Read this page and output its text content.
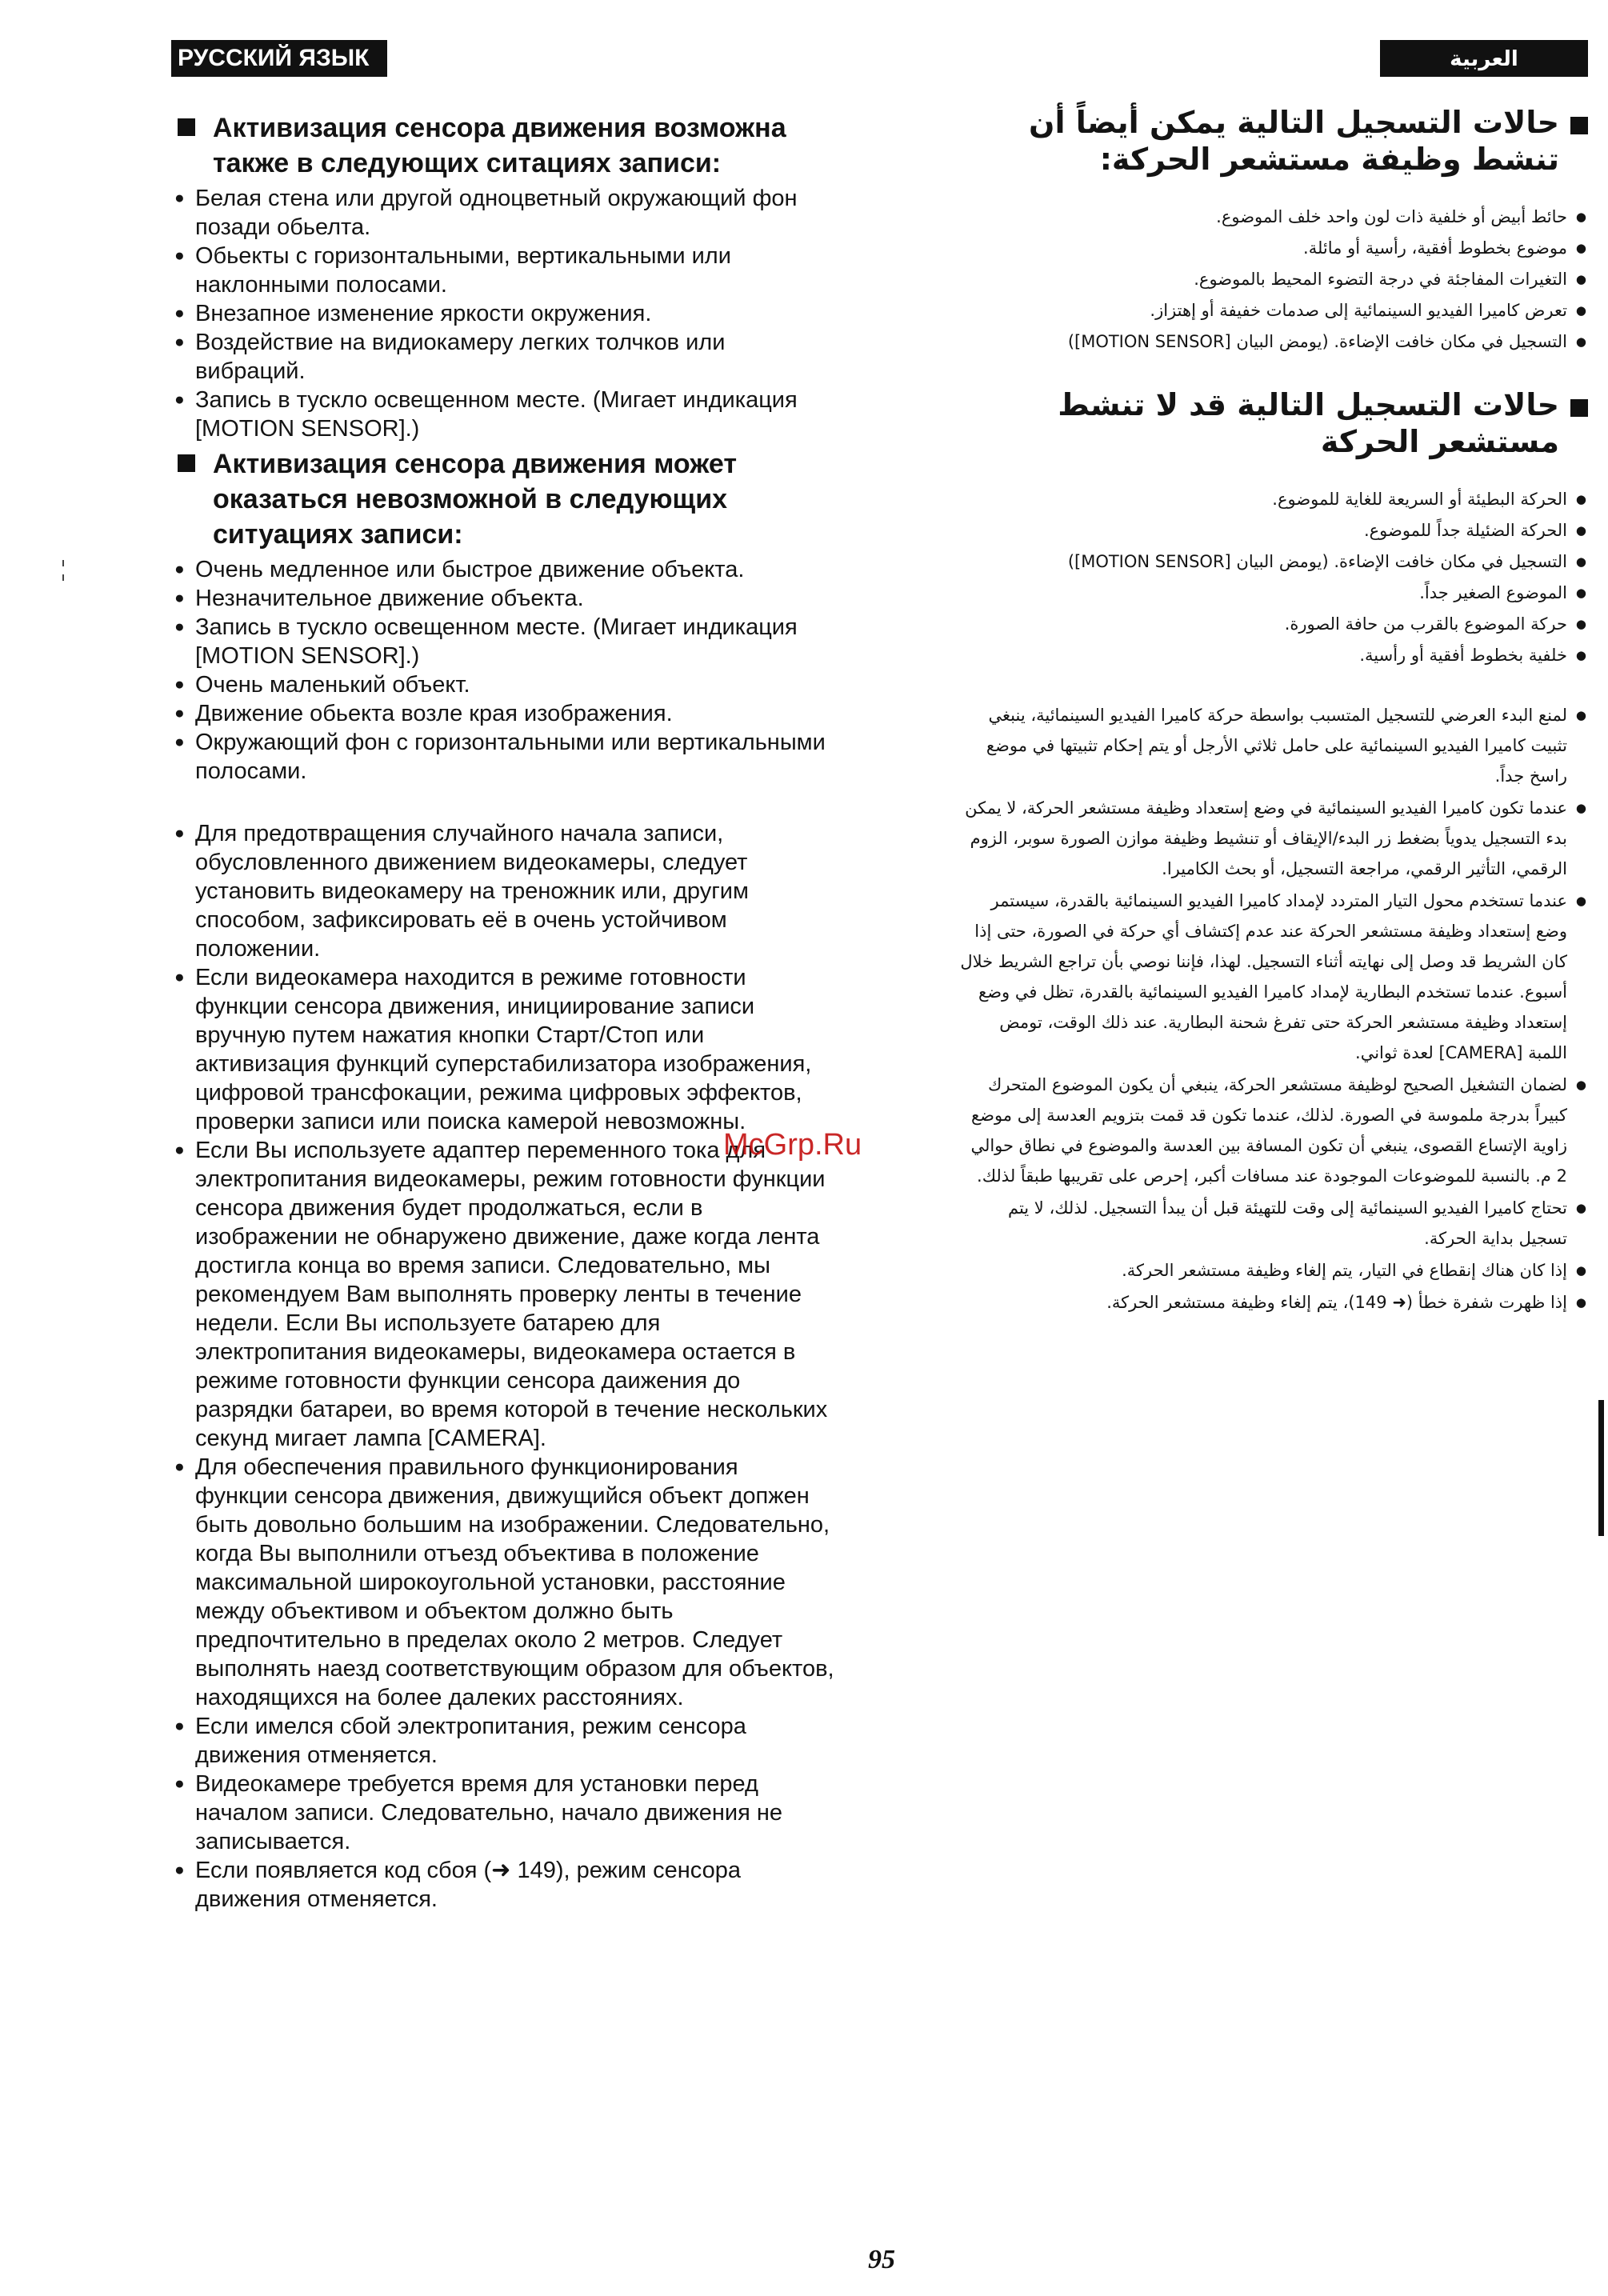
РУССКИЙ ЯЗЫК	العربية
Активизация сенсора движения возможна также в следующих ситациях записи:
● Белая стена или другой одноцветный окружающий фон позади обьелта.
● Обьекты с горизонтальными, вертикальными или наклонными полосами.
● Внезапное изменение яркости окружения.
● Воздействие на видиокамеру легких толчков или вибраций.
● Запись в тускло освещенном месте. (Мигает индикация [MOTION SENSOR].)
Активизация сенсора движения может оказаться невозможной в следующих ситуациях записи:
● Очень медленное или быстрое движение объекта.
● Незначительное движение объекта.
● Запись в тускло освещенном месте. (Мигает индикация [MOTION SENSOR].)
● Очень маленький объект.
● Движение обьекта возле края изображения.
● Окружающий фон с горизонтальными или вертикальными полосами.
● Для предотвращения случайного начала записи, обусловленного движением видеокамеры, следует установить видеокамеру на треножник или, другим способом, зафиксировать её в очень устойчивом положении.
● Если видеокамера находится в режиме готовности функции сенсора движения, инициирование записи вручную путем нажатия кнопки Старт/Стоп или активизация функций суперстабилизатора изображения, цифровой трансфокации, режима цифровых эффектов, проверки записи или поиска камерой невозможны.
● Если Вы используете адаптер переменного тока для электропитания видеокамеры, режим готовности функции сенсора движения будет продолжаться, если в изображении не обнаружено движение, даже когда лента достигла конца во время записи. Следовательно, мы рекомендуем Вам выполнять проверку ленты в течение недели. Если Вы используете батарею для электропитания видеокамеры, видеокамера остается в режиме готовности функции сенсора даижения до разрядки батареи, во время которой в течение нескольких секунд мигает лампа [CAMERA].
● Для обеспечения правильного функционирования функции сенсора движения, движущийся объект допжен быть довольно большим на изображении. Следовательно, когда Вы выполнили отъезд объектива в положение максимальной широкоугольной установки, расстояние между объективом и объектом должно быть предпочтительно в пределах около 2 метров. Следует выполнять наезд соответствующим образом для объектов, находящихся на более далеких расстояниях.
● Если имелся сбой электропитания, режим сенсора движения отменяется.
● Видеокамере требуется время для установки перед началом записи. Следовательно, начало движения не записывается.
● Если появляется код сбоя (➜ 149), режим сенсора движения отменяется.
حالات التسجيل التالية يمكن أيضاً أن تنشط وظيفة مستشعر الحركة:
● حائط أبيض أو خلفية ذات لون واحد خلف الموضوع.
● موضوع بخطوط أفقية، رأسية أو مائلة.
● التغيرات المفاجئة في درجة التضوء المحيط بالموضوع.
● تعرض كاميرا الفيديو السينمائية إلى صدمات خفيفة أو إهتزاز.
● التسجيل في مكان خافت الإضاءة. (يومض البيان [MOTION SENSOR])
حالات التسجيل التالية قد لا تنشط مستشعر الحركة
● الحركة البطيئة أو السريعة للغاية للموضوع.
● الحركة الضئيلة جداً للموضوع.
● التسجيل في مكان خافت الإضاءة. (يومض البيان [MOTION SENSOR])
● الموضوع الصغير جداً.
● حركة الموضوع بالقرب من حافة الصورة.
● خلفية بخطوط أفقية أو رأسية.
● لمنع البدء العرضي للتسجيل المتسبب بواسطة حركة كاميرا الفيديو السينمائية، ينبغي تثبيت كاميرا الفيديو السينمائية على حامل ثلاثي الأرجل أو يتم إحكام تثبيتها في موضع راسخ جداً.
● عندما تكون كاميرا الفيديو السينمائية في وضع إستعداد وظيفة مستشعر الحركة، لا يمكن بدء التسجيل يدوياً بضغط زر البدء/الإيقاف أو تنشيط وظيفة موازن الصورة سوبر، الزوم الرقمي، التأثير الرقمي، مراجعة التسجيل، أو بحث الكاميرا.
● عندما تستخدم محول التيار المتردد لإمداد كاميرا الفيديو السينمائية بالقدرة، سيستمر وضع إستعداد وظيفة مستشعر الحركة عند عدم إكتشاف أي حركة في الصورة، حتى إذا كان الشريط قد وصل إلى نهايته أثناء التسجيل. لهذا، فإننا نوصي بأن تراجع الشريط خلال أسبوع. عندما تستخدم البطارية لإمداد كاميرا الفيديو السينمائية بالقدرة، تظل في وضع إستعداد وظيفة مستشعر الحركة حتى تفرغ شحنة البطارية. عند ذلك الوقت، تومض اللمبة [CAMERA] لعدة ثواني.
● لضمان التشغيل الصحيح لوظيفة مستشعر الحركة، ينبغي أن يكون الموضوع المتحرك كبيراً بدرجة ملموسة في الصورة. لذلك، عندما تكون قد قمت بتزويم العدسة إلى موضع زاوية الإتساع القصوى، ينبغي أن تكون المسافة بين العدسة والموضوع في نطاق حوالي 2 م. بالنسبة للموضوعات الموجودة عند مسافات أكبر، إحرص على تقريبها طبقاً لذلك.
● تحتاج كاميرا الفيديو السينمائية إلى وقت للتهيئة قبل أن يبدأ التسجيل. لذلك، لا يتم تسجيل بداية الحركة.
● إذا كان هناك إنقطاع في التيار، يتم إلغاء وظيفة مستشعر الحركة.
● إذا ظهرت شفرة خطأ (➜ 149)، يتم إلغاء وظيفة مستشعر الحركة.
McGrp.Ru
95
